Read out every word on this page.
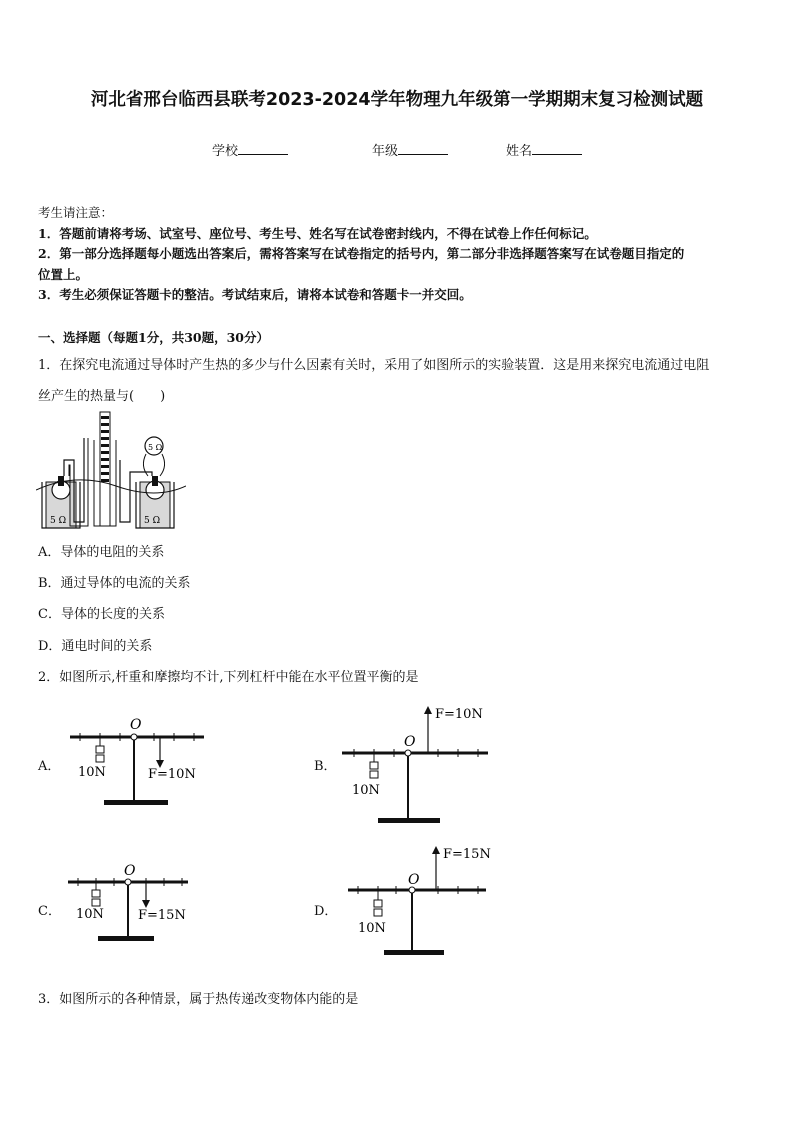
河北省邢台临西县联考2023-2024学年物理九年级第一学期期末复习检测试题
学校	年级	姓名
考生请注意：
1．答题前请将考场、试室号、座位号、考生号、姓名写在试卷密封线内，不得在试卷上作任何标记。
2．第一部分选择题每小题选出答案后，需将答案写在试卷指定的括号内，第二部分非选择题答案写在试卷题目指定的
位置上。
3．考生必须保证答题卡的整洁。考试结束后，请将本试卷和答题卡一并交回。
一、选择题（每题1分，共30题，30分）
1．在探究电流通过导体时产生热的多少与什么因素有关时，采用了如图所示的实验装置．这是用来探究电流通过电阻
丝产生的热量与(　　)
5 Ω
5 Ω	5 Ω
A．导体的电阻的关系
B．通过导体的电流的关系
C．导体的长度的关系
D．通电时间的关系
2．如图所示,杆重和摩擦均不计,下列杠杆中能在水平位置平衡的是
A．
O
10N	F=10N
B．
F=10N
O
10N
C．
O
10N	F=15N	D．
F=15N
O
10N
3．如图所示的各种情景，属于热传递改变物体内能的是
